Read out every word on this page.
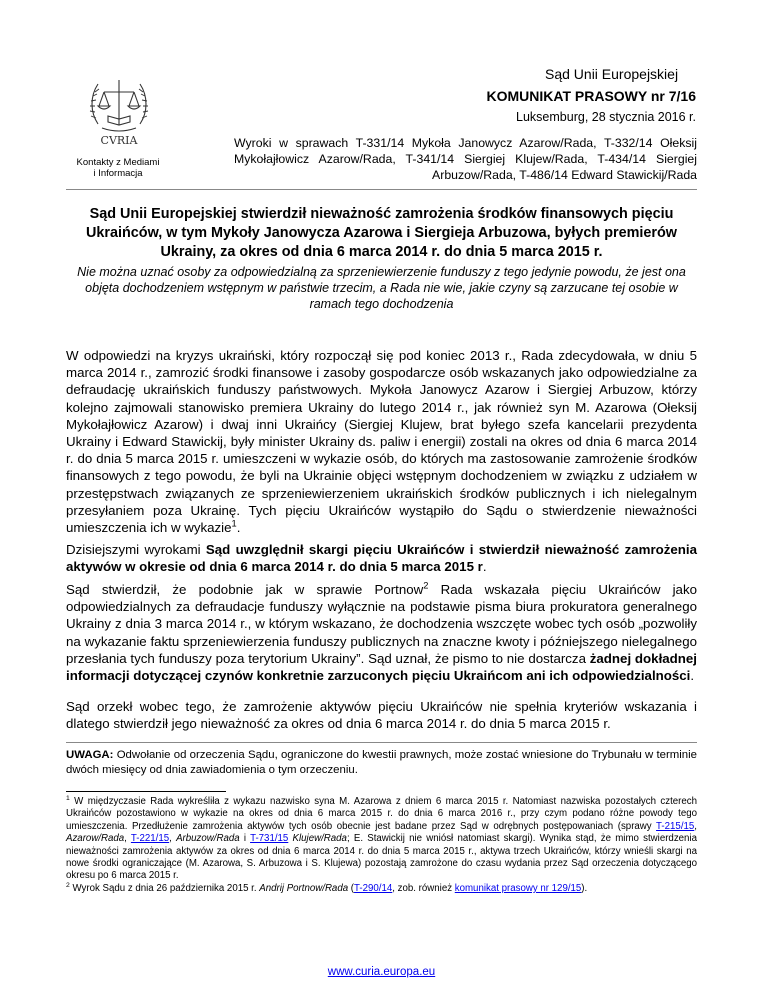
Sąd Unii Europejskiej
KOMUNIKAT PRASOWY nr 7/16
Luksemburg, 28 stycznia 2016 r.
CVRIA
Kontakty z Mediami
i Informacja
Wyroki w sprawach T-331/14 Mykoła Janowycz Azarow/Rada, T-332/14 Ołeksij Mykołajłowicz Azarow/Rada, T-341/14 Siergiej Klujew/Rada, T-434/14 Siergiej Arbuzow/Rada, T-486/14 Edward Stawickij/Rada
Sąd Unii Europejskiej stwierdził nieważność zamrożenia środków finansowych pięciu Ukraińców, w tym Mykoły Janowycza Azarowa i Siergieja Arbuzowa, byłych premierów Ukrainy, za okres od dnia 6 marca 2014 r. do dnia 5 marca 2015 r.
Nie można uznać osoby za odpowiedzialną za sprzeniewierzenie funduszy z tego jedynie powodu, że jest ona objęta dochodzeniem wstępnym w państwie trzecim, a Rada nie wie, jakie czyny są zarzucane tej osobie w ramach tego dochodzenia
W odpowiedzi na kryzys ukraiński, który rozpoczął się pod koniec 2013 r., Rada zdecydowała, w dniu 5 marca 2014 r., zamrozić środki finansowe i zasoby gospodarcze osób wskazanych jako odpowiedzialne za defraudację ukraińskich funduszy państwowych. Mykoła Janowycz Azarow i Siergiej Arbuzow, którzy kolejno zajmowali stanowisko premiera Ukrainy do lutego 2014 r., jak również syn M. Azarowa (Ołeksij Mykołajłowicz Azarow) i dwaj inni Ukraińcy (Siergiej Klujew, brat byłego szefa kancelarii prezydenta Ukrainy i Edward Stawickij, były minister Ukrainy ds. paliw i energii) zostali na okres od dnia 6 marca 2014 r. do dnia 5 marca 2015 r. umieszczeni w wykazie osób, do których ma zastosowanie zamrożenie środków finansowych z tego powodu, że byli na Ukrainie objęci wstępnym dochodzeniem w związku z udziałem w przestępstwach związanych ze sprzeniewierzeniem ukraińskich środków publicznych i ich nielegalnym przesyłaniem poza Ukrainę. Tych pięciu Ukraińców wystąpiło do Sądu o stwierdzenie nieważności umieszczenia ich w wykazie$^1$.
Dzisiejszymi wyrokami Sąd uwzględnił skargi pięciu Ukraińców i stwierdził nieważność zamrożenia aktywów w okresie od dnia 6 marca 2014 r. do dnia 5 marca 2015 r.
Sąd stwierdził, że podobnie jak w sprawie Portnow$^2$ Rada wskazała pięciu Ukraińców jako odpowiedzialnych za defraudacje funduszy wyłącznie na podstawie pisma biura prokuratora generalnego Ukrainy z dnia 3 marca 2014 r., w którym wskazano, że dochodzenia wszczęte wobec tych osób „pozwoliły na wykazanie faktu sprzeniewierzenia funduszy publicznych na znaczne kwoty i późniejszego nielegalnego przesłania tych funduszy poza terytorium Ukrainy”. Sąd uznał, że pismo to nie dostarcza żadnej dokładnej informacji dotyczącej czynów konkretnie zarzuconych pięciu Ukraińcom ani ich odpowiedzialności.
Sąd orzekł wobec tego, że zamrożenie aktywów pięciu Ukraińców nie spełnia kryteriów wskazania i dlatego stwierdził jego nieważność za okres od dnia 6 marca 2014 r. do dnia 5 marca 2015 r.
UWAGA: Odwołanie od orzeczenia Sądu, ograniczone do kwestii prawnych, może zostać wniesione do Trybunału w terminie dwóch miesięcy od dnia zawiadomienia o tym orzeczeniu.
$^1$ W międzyczasie Rada wykreśliła z wykazu nazwisko syna M. Azarowa z dniem 6 marca 2015 r. Natomiast nazwiska pozostałych czterech Ukraińców pozostawiono w wykazie na okres od dnia 6 marca 2015 r. do dnia 6 marca 2016 r., przy czym podano różne powody tego umieszczenia. Przedłużenie zamrożenia aktywów tych osób obecnie jest badane przez Sąd w odrębnych postępowaniach (sprawy T-215/15, Azarow/Rada, T-221/15, Arbuzow/Rada i T-731/15 Klujew/Rada; E. Stawickij nie wniósł natomiast skargi). Wynika stąd, że mimo stwierdzenia nieważności zamrożenia aktywów za okres od dnia 6 marca 2014 r. do dnia 5 marca 2015 r., aktywa trzech Ukraińców, którzy wnieśli skargi na nowe środki ograniczające (M. Azarowa, S. Arbuzowa i S. Klujewa) pozostają zamrożone do czasu wydania przez Sąd orzeczenia dotyczącego okresu po 6 marca 2015 r.
$^2$ Wyrok Sądu z dnia 26 października 2015 r. Andrij Portnow/Rada (T-290/14, zob. również komunikat prasowy nr 129/15).
www.curia.europa.eu
